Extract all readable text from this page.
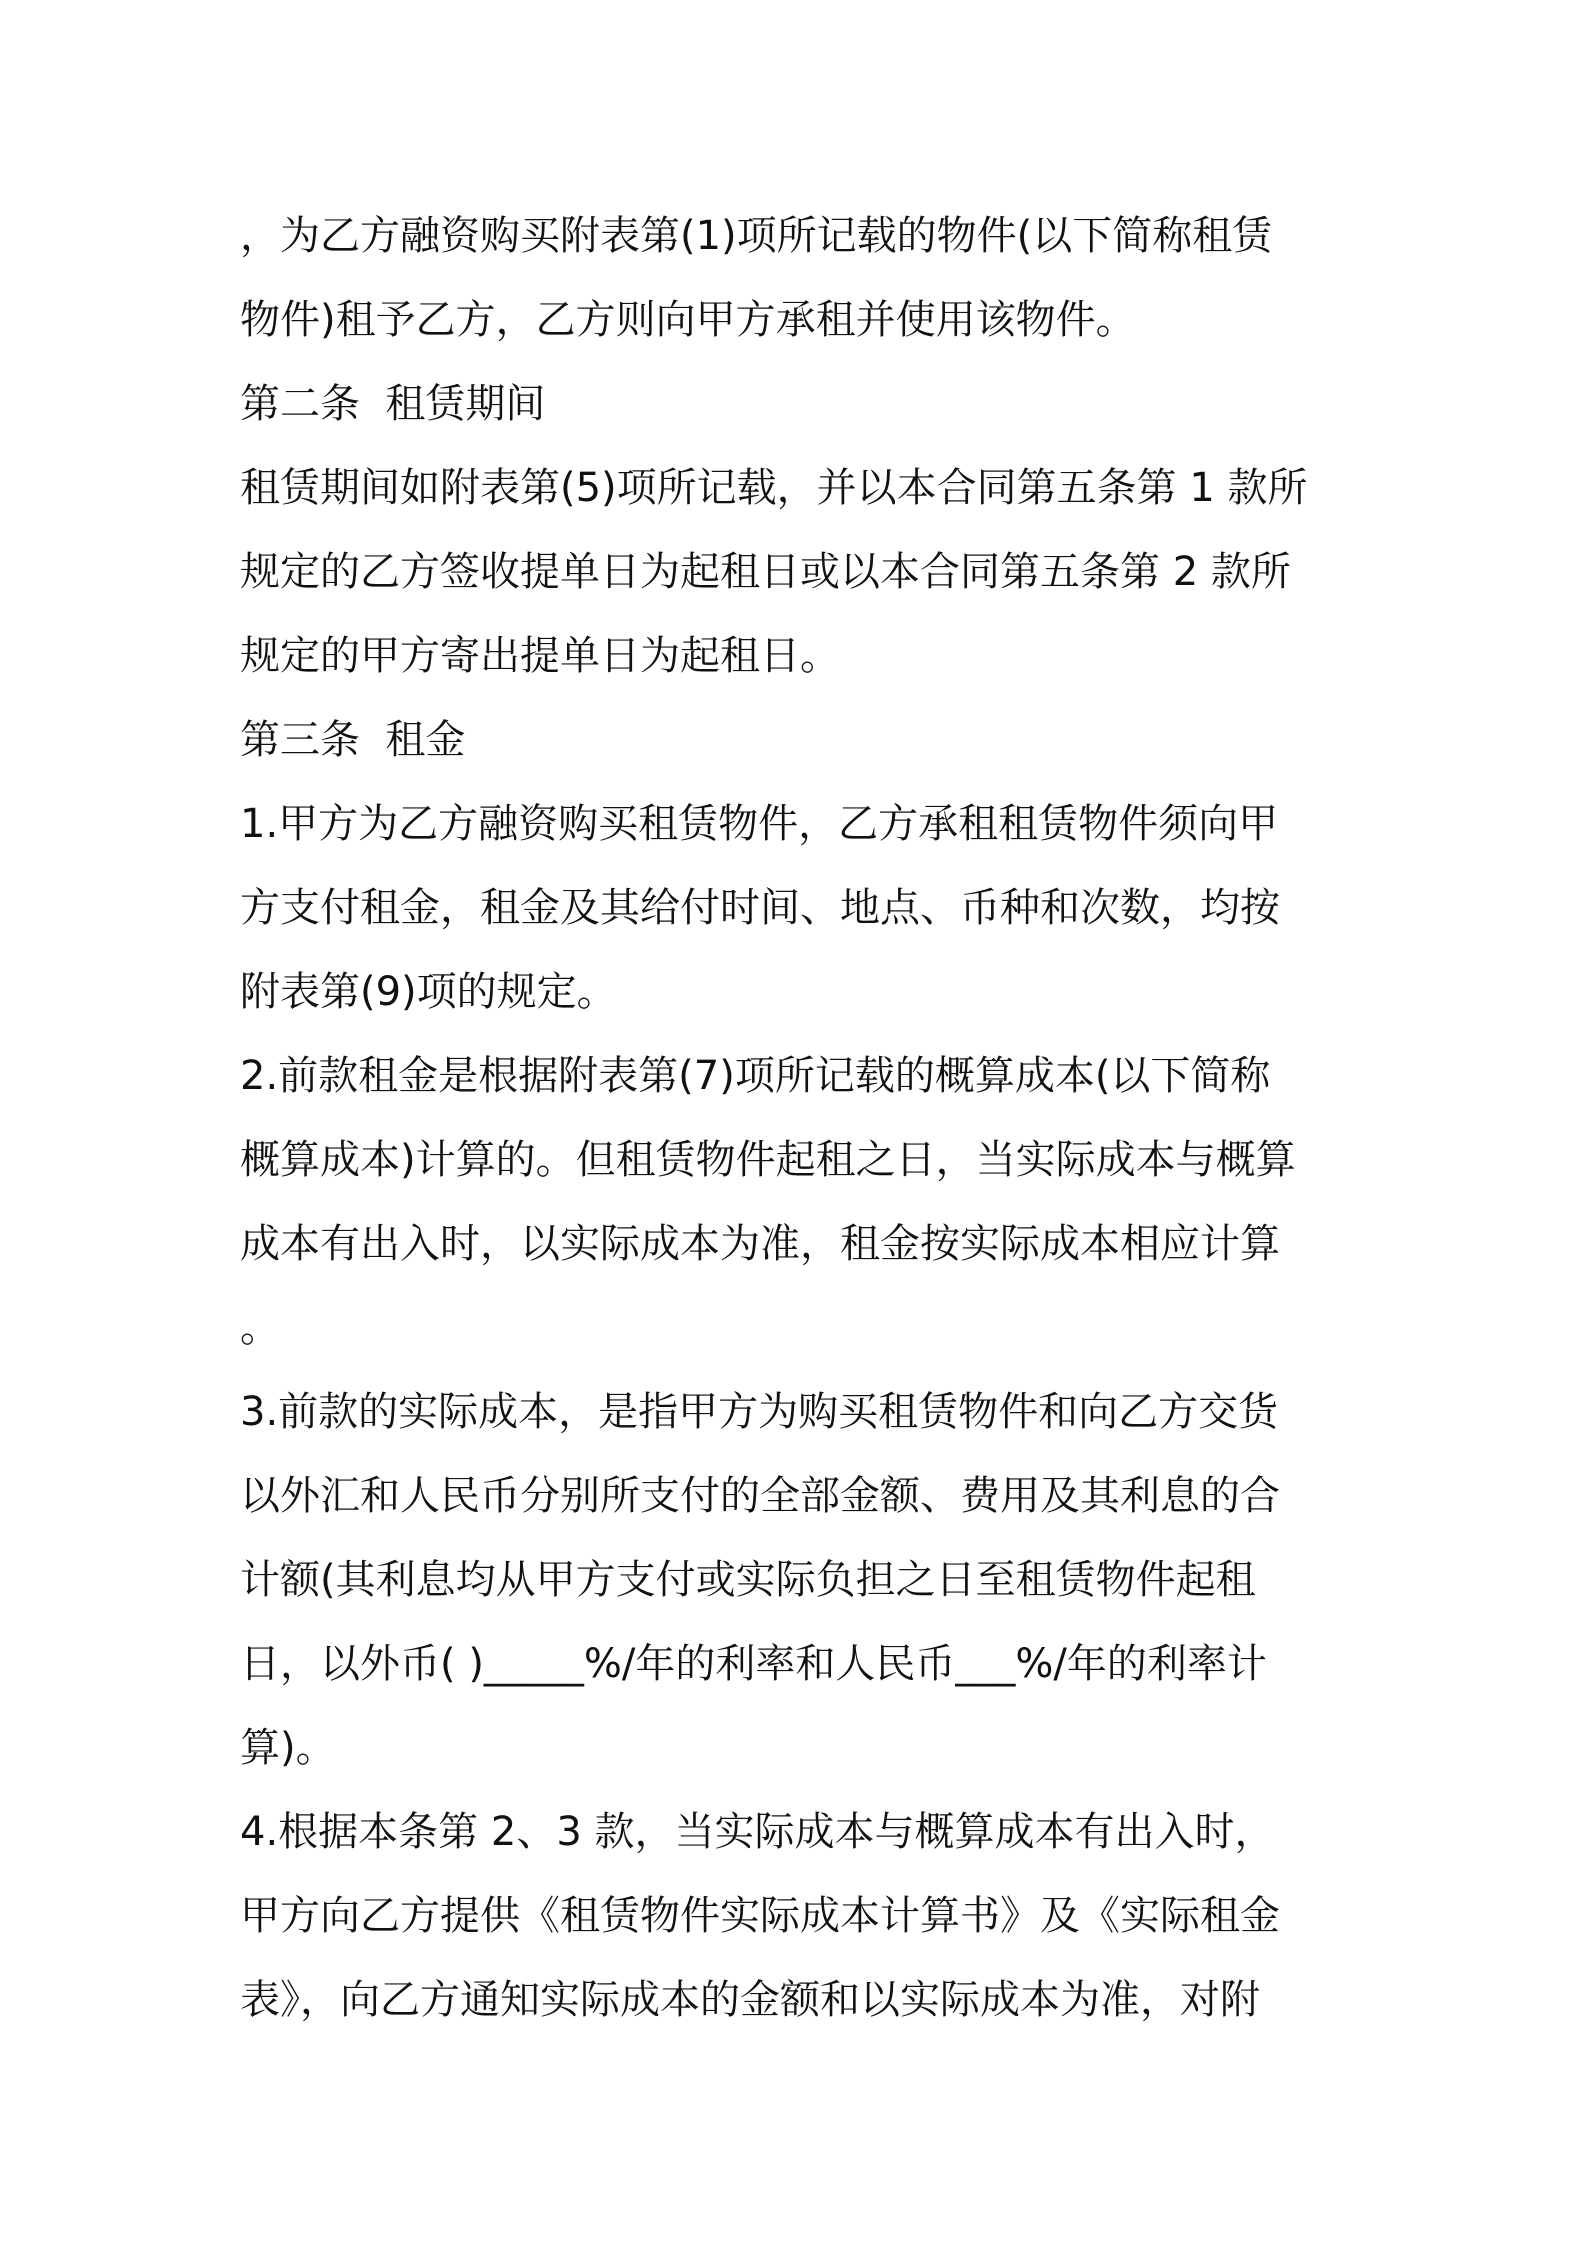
，为乙方融资购买附表第(1)项所记载的物件(以下简称租赁
物件)租予乙方，乙方则向甲方承租并使用该物件。
第二条  租赁期间
租赁期间如附表第(5)项所记载，并以本合同第五条第 1 款所
规定的乙方签收提单日为起租日或以本合同第五条第 2 款所
规定的甲方寄出提单日为起租日。
第三条  租金
1.甲方为乙方融资购买租赁物件，乙方承租租赁物件须向甲
方支付租金，租金及其给付时间、地点、币种和次数，均按
附表第(9)项的规定。
2.前款租金是根据附表第(7)项所记载的概算成本(以下简称
概算成本)计算的。但租赁物件起租之日，当实际成本与概算
成本有出入时，以实际成本为准，租金按实际成本相应计算
。
3.前款的实际成本，是指甲方为购买租赁物件和向乙方交货
以外汇和人民币分别所支付的全部金额、费用及其利息的合
计额(其利息均从甲方支付或实际负担之日至租赁物件起租
日，以外币( )_____%/年的利率和人民币___%/年的利率计
算)。
4.根据本条第 2、3 款，当实际成本与概算成本有出入时，
甲方向乙方提供《租赁物件实际成本计算书》及《实际租金
表》，向乙方通知实际成本的金额和以实际成本为准，对附
